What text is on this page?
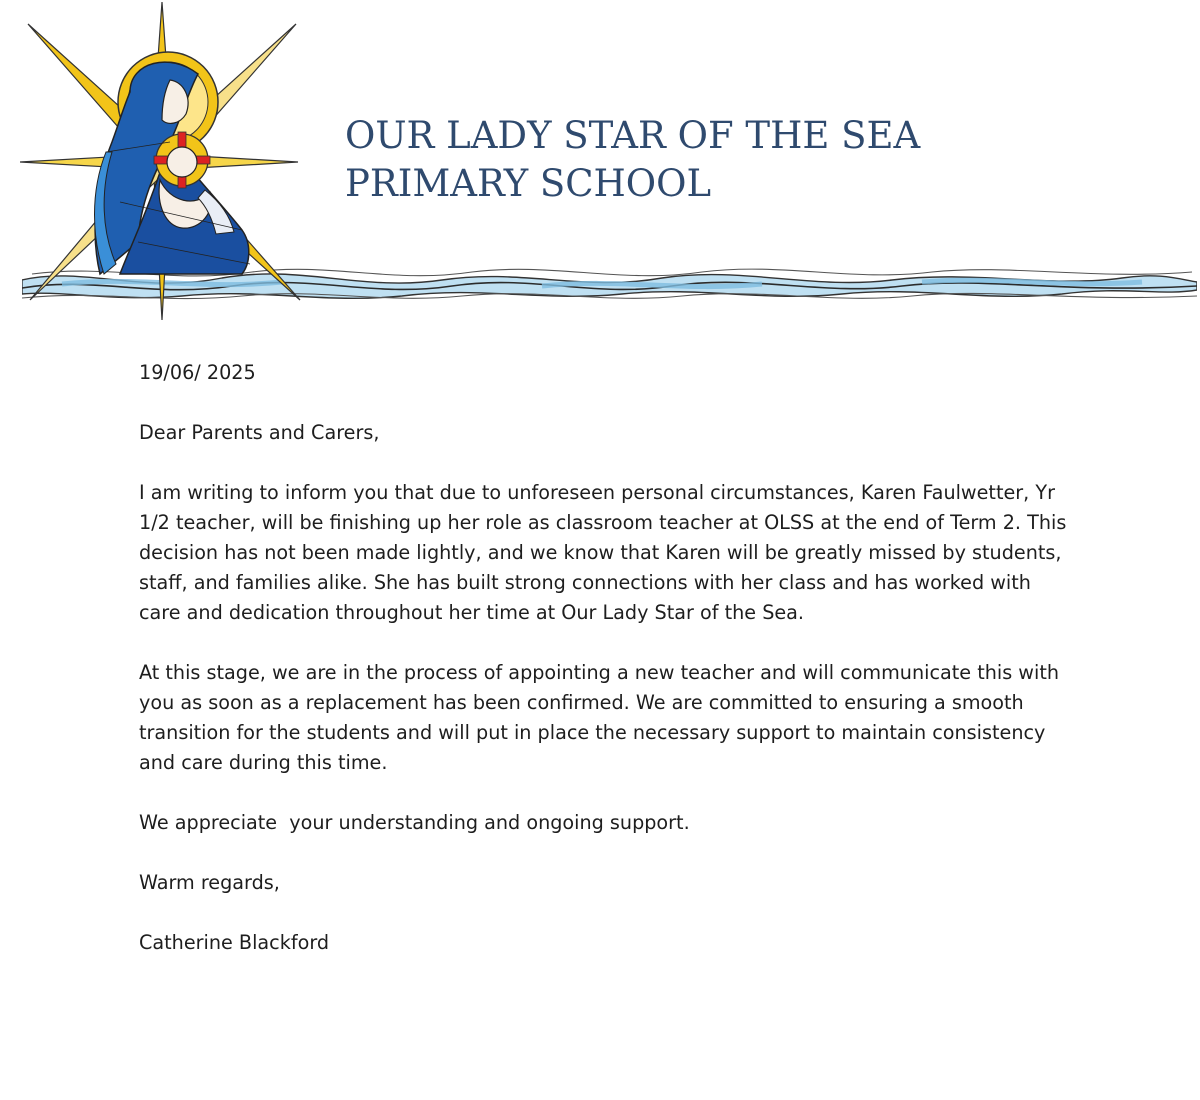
OUR LADY STAR OF THE SEA
PRIMARY SCHOOL

19/06/ 2025

Dear Parents and Carers,

I am writing to inform you that due to unforeseen personal circumstances, Karen Faulwetter, Yr 1/2 teacher, will be finishing up her role as classroom teacher at OLSS at the end of Term 2. This decision has not been made lightly, and we know that Karen will be greatly missed by students, staff, and families alike. She has built strong connections with her class and has worked with care and dedication throughout her time at Our Lady Star of the Sea.

At this stage, we are in the process of appointing a new teacher and will communicate this with you as soon as a replacement has been confirmed. We are committed to ensuring a smooth transition for the students and will put in place the necessary support to maintain consistency and care during this time.

We appreciate  your understanding and ongoing support.

Warm regards,

Catherine Blackford
